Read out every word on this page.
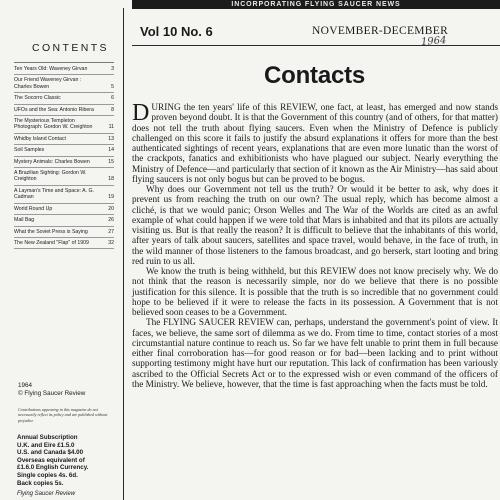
INCORPORATING FLYING SAUCER NEWS
CONTENTS
Ten Years Old: Waveney Girvan	3
Our Friend Waveney Girvan : Charles Bowen	5
The Socorro Classic	6
UFOs and the Sea: Antonio Ribera	8
The Mysterious Templeton Photograph: Gordon W. Creighton	11
Whidby Island Contact	13
Soil Samples	14
Mystery Animals: Charles Bowen	15
A Brazilian Sighting: Gordon W. Creighton	18
A Layman's Time and Space: A. G. Cadman	19
World Round Up	20
Mail Bag	26
What the Soviet Press is Saying	27
The New Zealand "Flap" of 1909	32
1964
© Flying Saucer Review
Contributions appearing in this magazine do not necessarily reflect its policy and are published without prejudice
Annual Subscription
U.K. and Eire £1.5.0
U.S. and Canada $4.00
Overseas equivalent of
£1.6.0 English Currency.
Single copies 4s. 6d.
Back copies 5s.
Flying Saucer Review
Vol 10 No. 6	NOVEMBER-DECEMBER
1964
Contacts

DURING the ten years' life of this REVIEW, one fact, at least, has emerged and now stands proven beyond doubt. It is that the Government of this country (and of others, for that matter) does not tell the truth about flying saucers. Even when the Ministry of Defence is publicly challenged on this score it fails to justify the absurd explanations it offers for more than the best authenticated sightings of recent years, explanations that are even more lunatic than the worst of the crackpots, fanatics and exhibitionists who have plagued our subject. Nearly everything the Ministry of Defence—and particularly that section of it known as the Air Ministry—has said about flying saucers is not only bogus but can be proved to be bogus.

Why does our Government not tell us the truth? Or would it be better to ask, why does it prevent us from reaching the truth on our own? The usual reply, which has become almost a cliché, is that we would panic; Orson Welles and The War of the Worlds are cited as an awful example of what could happen if we were told that Mars is inhabited and that its pilots are actually visiting us. But is that really the reason? It is difficult to believe that the inhabitants of this world, after years of talk about saucers, satellites and space travel, would behave, in the face of truth, in the wild manner of those listeners to the famous broadcast, and go berserk, start looting and bring red ruin to us all.

We know the truth is being withheld, but this REVIEW does not know precisely why. We do not think that the reason is necessarily simple, nor do we believe that there is no possible justification for this silence. It is possible that the truth is so incredible that no government could hope to be believed if it were to release the facts in its possession. A Government that is not believed soon ceases to be a Government.

The FLYING SAUCER REVIEW can, perhaps, understand the government's point of view. It faces, we believe, the same sort of dilemma as we do. From time to time, contact stories of a most circumstantial nature continue to reach us. So far we have felt unable to print them in full because either final corroboration has—for good reason or for bad—been lacking and to print without supporting testimony might have hurt our reputation. This lack of confirmation has been variously ascribed to the Official Secrets Act or to the expressed wish or even command of the officers of the Ministry. We believe, however, that the time is fast approaching when the facts must be told.
